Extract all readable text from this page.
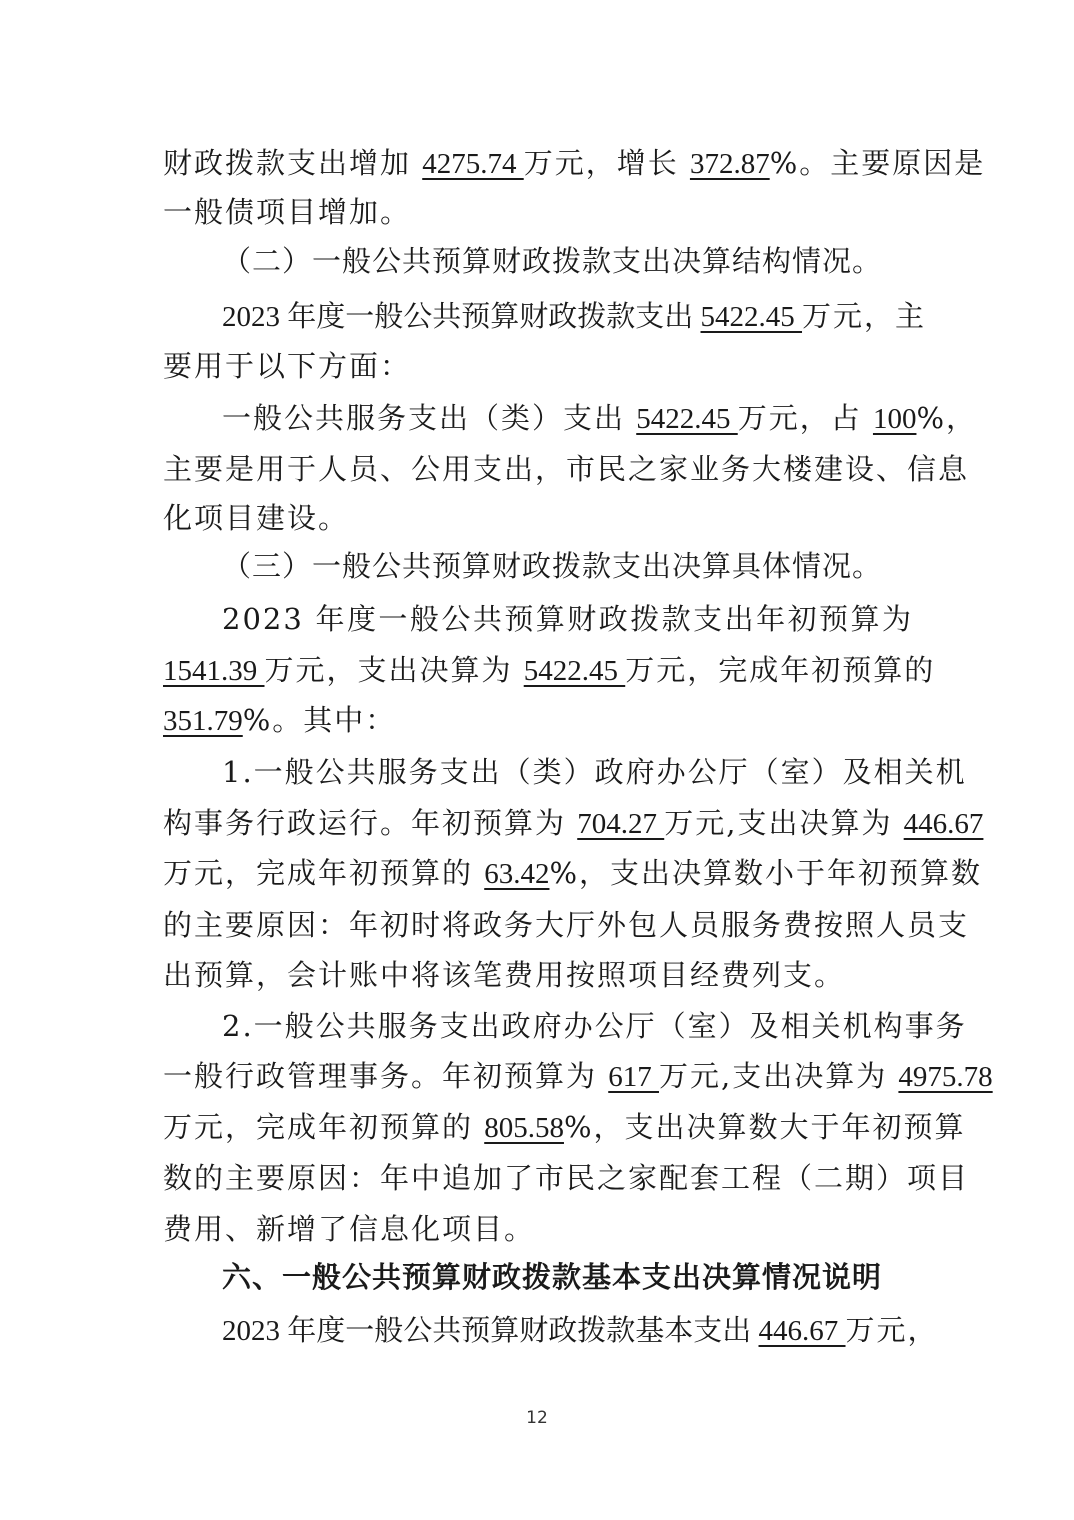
财政拨款支出增加 4275.74 万元，增长 372.87%。主要原因是
一般债项目增加。
（二）一般公共预算财政拨款支出决算结构情况。
2023 年度一般公共预算财政拨款支出 5422.45 万元，主
要用于以下方面：
一般公共服务支出（类）支出 5422.45 万元，占 100%，
主要是用于人员、公用支出，市民之家业务大楼建设、信息
化项目建设。
（三）一般公共预算财政拨款支出决算具体情况。
2023 年度一般公共预算财政拨款支出年初预算为
1541.39 万元，支出决算为 5422.45 万元，完成年初预算的
351.79%。其中：
1.一般公共服务支出（类）政府办公厅（室）及相关机
构事务行政运行。年初预算为 704.27 万元,支出决算为 446.67
万元，完成年初预算的 63.42%，支出决算数小于年初预算数
的主要原因：年初时将政务大厅外包人员服务费按照人员支
出预算，会计账中将该笔费用按照项目经费列支。
2.一般公共服务支出政府办公厅（室）及相关机构事务
一般行政管理事务。年初预算为 617 万元,支出决算为 4975.78
万元，完成年初预算的 805.58%，支出决算数大于年初预算
数的主要原因：年中追加了市民之家配套工程（二期）项目
费用、新增了信息化项目。
六、一般公共预算财政拨款基本支出决算情况说明
2023 年度一般公共预算财政拨款基本支出 446.67 万元，
12
